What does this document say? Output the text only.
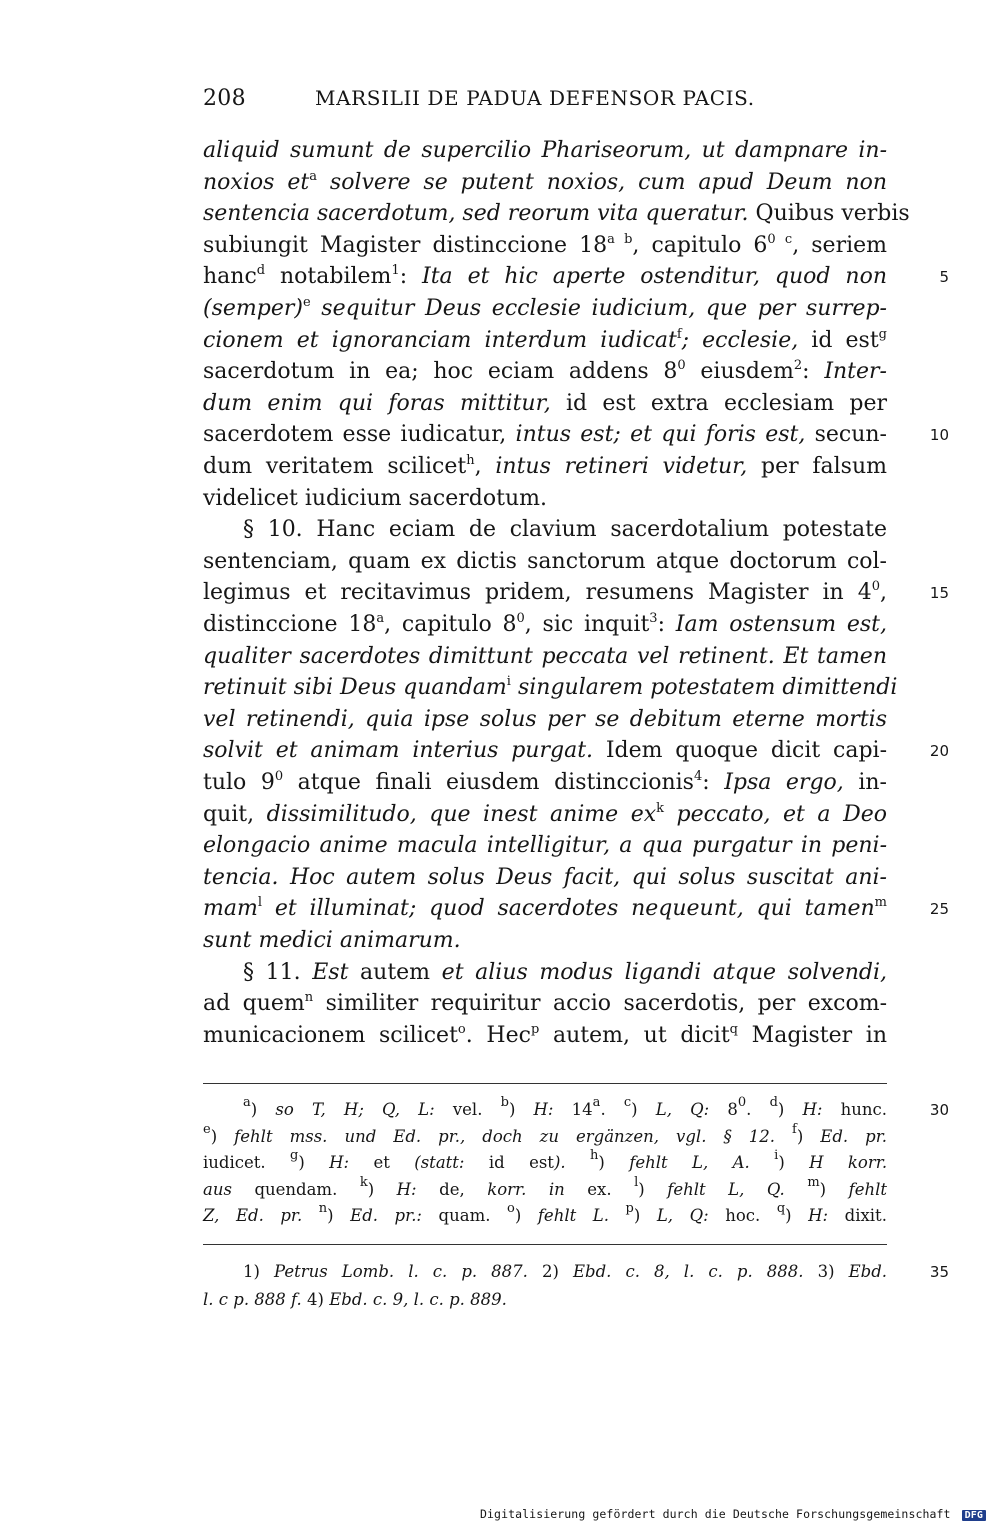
208	MARSILII DE PADUA DEFENSOR PACIS.
aliquid sumunt de supercilio Phariseorum, ut dampnare in-
noxios $et^a$ solvere se putent noxios, cum apud Deum non
sentencia sacerdotum, sed reorum vita queratur. Quibus verbis
subiungit Magister distinccione $18^{a b}$, capitulo $6^{0 c}$, seriem
hanc$^d$ notabilem$^1$: Ita et hic aperte ostenditur, quod non	5
(semper)$^e$ sequitur Deus ecclesie iudicium, que per surrep-
cionem et ignoranciam interdum iudicat$^f$; ecclesie, id est$^g$
sacerdotum in ea; hoc eciam addens $8^0$ eiusdem$^2$: Inter-
dum enim qui foras mittitur, id est extra ecclesiam per
sacerdotem esse iudicatur, intus est; et qui foris est, secun-	10
dum veritatem scilicet$^h$, intus retineri videtur, per falsum
videlicet iudicium sacerdotum.
§ 10. Hanc eciam de clavium sacerdotalium potestate
sentenciam, quam ex dictis sanctorum atque doctorum col-
legimus et recitavimus pridem, resumens Magister in $4^0$,	15
distinccione 18$^a$, capitulo $8^0$, sic inquit$^3$: Iam ostensum est,
qualiter sacerdotes dimittunt peccata vel retinent. Et tamen
retinuit sibi Deus quandam$^i$ singularem potestatem dimittendi
vel retinendi, quia ipse solus per se debitum eterne mortis
solvit et animam interius purgat. Idem quoque dicit capi-	20
tulo $9^0$ atque finali eiusdem distinccionis$^4$: Ipsa ergo, in-
quit, dissimilitudo, que inest anime $ex^k$ peccato, et a Deo
elongacio anime macula intelligitur, a qua purgatur in peni-
tencia. Hoc autem solus Deus facit, qui solus suscitat ani-
mam$^l$ et illuminat; quod sacerdotes nequeunt, qui tamen$^m$	25
sunt medici animarum.
§ 11. Est autem et alius modus ligandi atque solvendi,
ad quem$^n$ similiter requiritur accio sacerdotis, per excom-
municacionem scilicet$^o$. Hec$^p$ autem, ut dicit$^q$ Magister in
$^a$) so T, H; Q, L: vel. $^b$) H: 14$^a$. $^c$) L, Q: $8^0$. $^d$) H: hunc.	30
$^e$) fehlt mss. und Ed. pr., doch zu ergänzen, vgl. § 12. $^f$) Ed. pr.
iudicet. $^g$) H: et (statt: id est). $^h$) fehlt L, A. $^i$) H korr.
aus quendam. $^k$) H: de, korr. in ex. $^l$) fehlt L, Q. $^m$) fehlt
Z, Ed. pr. $^n$) Ed. pr.: quam. $^o$) fehlt L. $^p$) L, Q: hoc. $^q$) H: dixit.
1) Petrus Lomb. l. c. p. 887. 2) Ebd. c. 8, l. c. p. 888. 3) Ebd.	35
l. c p. 888 f. 4) Ebd. c. 9, l. c. p. 889.
Digitalisierung gefördert durch die Deutsche Forschungsgemeinschaft DFG
